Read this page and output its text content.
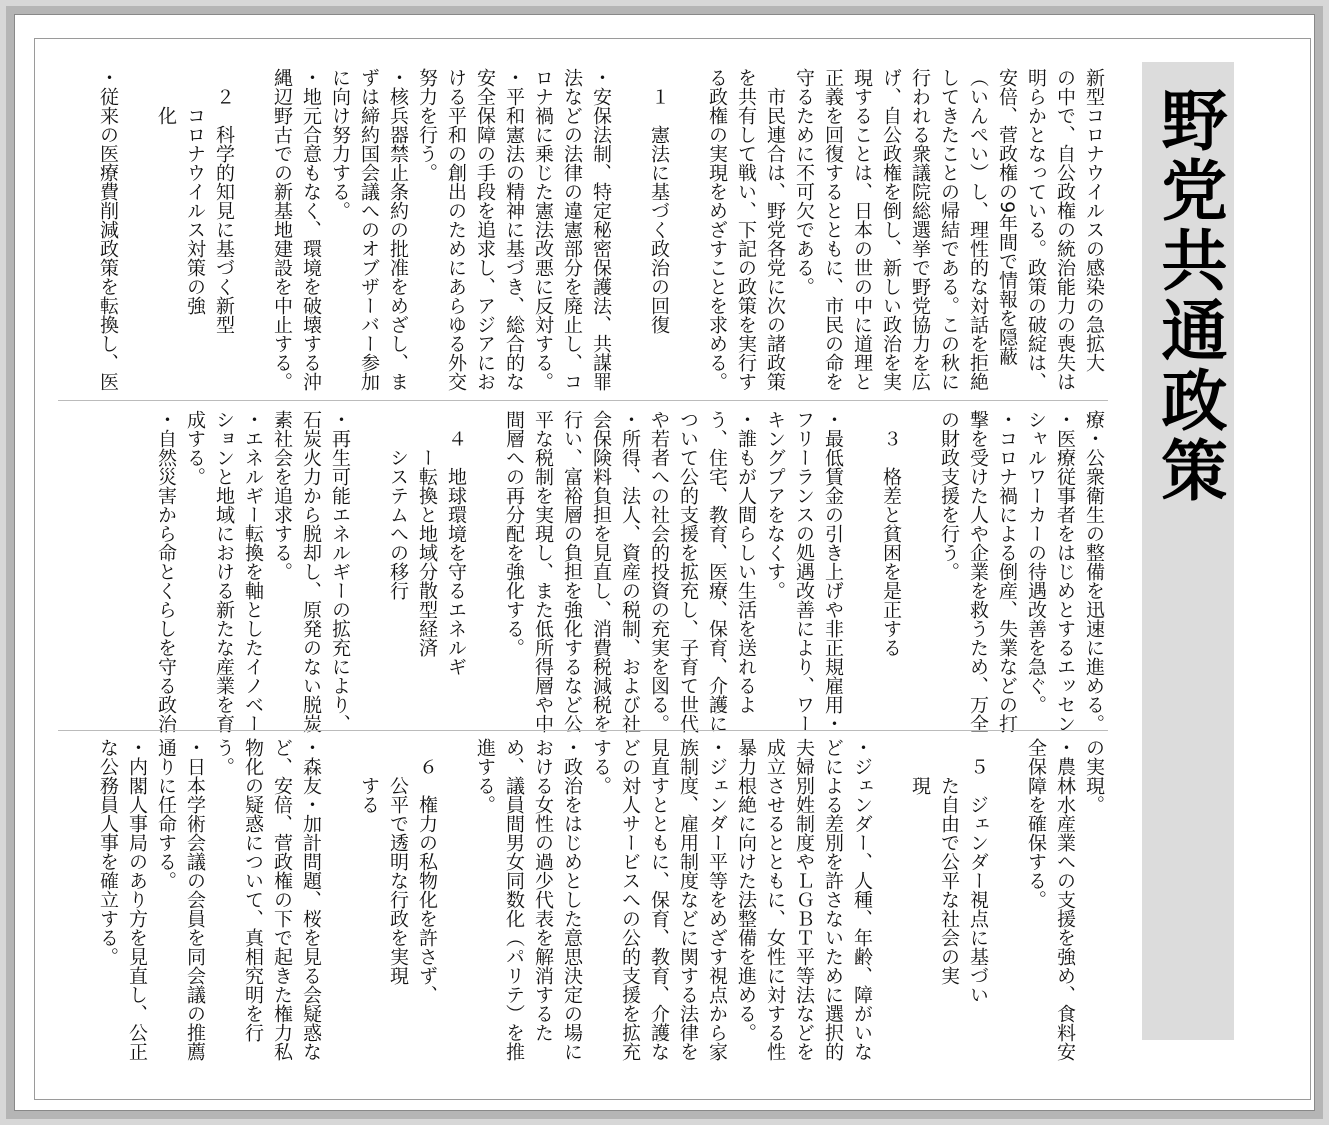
野党共通政策
新型コロナウイルスの感染の急拡大
の中で、自公政権の統治能力の喪失は
明らかとなっている。政策の破綻は、
安倍、菅政権の9年間で情報を隠蔽
（いんぺい）し、理性的な対話を拒絶
してきたことの帰結である。この秋に
行われる衆議院総選挙で野党協力を広
げ、自公政権を倒し、新しい政治を実
現することは、日本の世の中に道理と
正義を回復するとともに、市民の命を
守るために不可欠である。
　市民連合は、野党各党に次の諸政策
を共有して戦い、下記の政策を実行す
る政権の実現をめざすことを求める。

　１　憲法に基づく政治の回復

・安保法制、特定秘密保護法、共謀罪
法などの法律の違憲部分を廃止し、コ
ロナ禍に乗じた憲法改悪に反対する。
・平和憲法の精神に基づき、総合的な
安全保障の手段を追求し、アジアにお
ける平和の創出のためにあらゆる外交
努力を行う。
・核兵器禁止条約の批准をめざし、ま
ずは締約国会議へのオブザーバー参加
に向け努力する。
・地元合意もなく、環境を破壊する沖
縄辺野古での新基地建設を中止する。

　２　科学的知見に基づく新型
　　コロナウイルス対策の強
　　化

・従来の医療費削減政策を転換し、医
療・公衆衛生の整備を迅速に進める。
・医療従事者をはじめとするエッセン
シャルワーカーの待遇改善を急ぐ。
・コロナ禍による倒産、失業などの打
撃を受けた人や企業を救うため、万全
の財政支援を行う。

　３　格差と貧困を是正する

・最低賃金の引き上げや非正規雇用・
フリーランスの処遇改善により、ワー
キングプアをなくす。
・誰もが人間らしい生活を送れるよ
う、住宅、教育、医療、保育、介護に
ついて公的支援を拡充し、子育て世代
や若者への社会的投資の充実を図る。
・所得、法人、資産の税制、および社
会保険料負担を見直し、消費税減税を
行い、富裕層の負担を強化するなど公
平な税制を実現し、また低所得層や中
間層への再分配を強化する。

　４　地球環境を守るエネルギ
　　ー転換と地域分散型経済
　　システムへの移行

・再生可能エネルギーの拡充により、
石炭火力から脱却し、原発のない脱炭
素社会を追求する。
・エネルギー転換を軸としたイノベー
ションと地域における新たな産業を育
成する。
・自然災害から命とくらしを守る政治
の実現。
・農林水産業への支援を強め、食料安
全保障を確保する。

　５　ジェンダー視点に基づい
　　た自由で公平な社会の実
　　現

・ジェンダー、人種、年齢、障がいな
どによる差別を許さないために選択的
夫婦別姓制度やＬＧＢＴ平等法などを
成立させるとともに、女性に対する性
暴力根絶に向けた法整備を進める。
・ジェンダー平等をめざす視点から家
族制度、雇用制度などに関する法律を
見直すとともに、保育、教育、介護な
どの対人サービスへの公的支援を拡充
する。
・政治をはじめとした意思決定の場に
おける女性の過少代表を解消するた
め、議員間男女同数化（パリテ）を推
進する。

　６　権力の私物化を許さず、
　　公平で透明な行政を実現
　　する

・森友・加計問題、桜を見る会疑惑な
ど、安倍、菅政権の下で起きた権力私
物化の疑惑について、真相究明を行
う。
・日本学術会議の会員を同会議の推薦
通りに任命する。
・内閣人事局のあり方を見直し、公正
な公務員人事を確立する。
